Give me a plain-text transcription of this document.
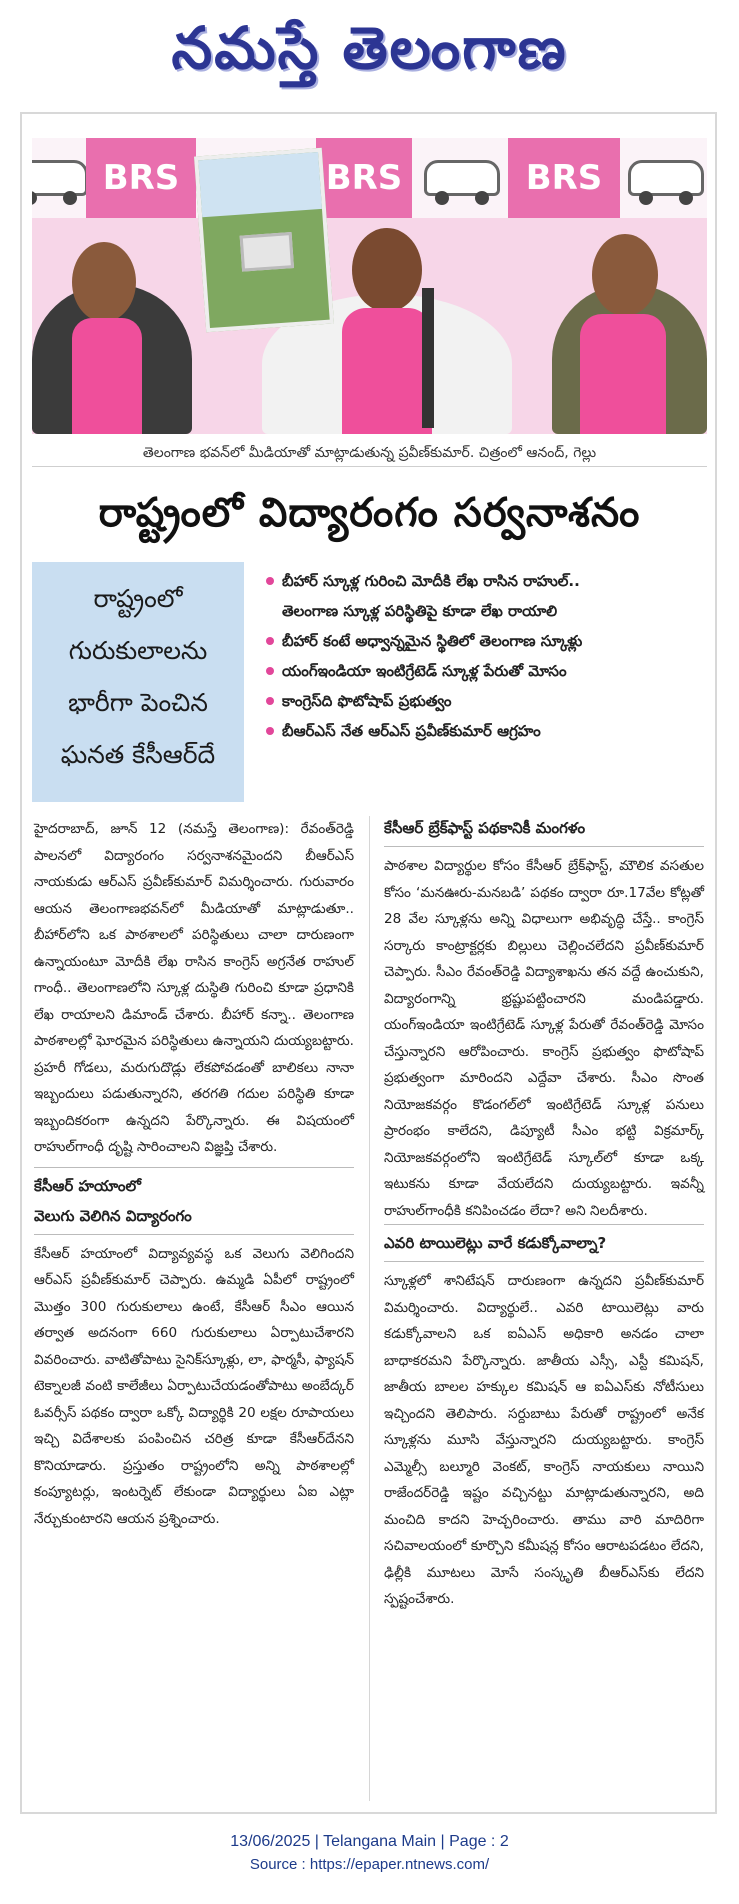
నమస్తే తెలంగాణ
BRS	BRS	BRS
తెలంగాణ భవన్‌లో మీడియాతో మాట్లాడుతున్న ప్రవీణ్‌కుమార్. చిత్రంలో ఆనంద్, గెల్లు
రాష్ట్రంలో విద్యారంగం సర్వనాశనం
రాష్ట్రంలో
గురుకులాలను
భారీగా పెంచిన
ఘనత కేసీఆర్‌దే
బీహార్ స్కూళ్ల గురించి మోదీకి లేఖ రాసిన రాహుల్..
తెలంగాణ స్కూళ్ల పరిస్థితిపై కూడా లేఖ రాయాలి
బీహార్ కంటే అధ్వాన్నమైన స్థితిలో తెలంగాణ స్కూళ్లు
యంగ్‌ఇండియా ఇంటిగ్రేటెడ్ స్కూళ్ల పేరుతో మోసం
కాంగ్రెస్‌ది ఫొటోషాప్ ప్రభుత్వం
బీఆర్‌ఎస్ నేత ఆర్‌ఎస్ ప్రవీణ్‌కుమార్ ఆగ్రహం

హైదరాబాద్, జూన్ 12 (నమస్తే తెలంగాణ): రేవంత్‌రెడ్డి పాలనలో విద్యారంగం సర్వనాశనమైందని బీఆర్‌ఎస్ నాయకుడు ఆర్‌ఎస్ ప్రవీణ్‌కుమార్ విమర్శించారు. గురువారం ఆయన తెలంగాణభవన్‌లో మీడియాతో మాట్లాడుతూ.. బీహార్‌లోని ఒక పాఠశాలలో పరిస్థితులు చాలా దారుణంగా ఉన్నాయంటూ మోదీకి లేఖ రాసిన కాంగ్రెస్ అగ్రనేత రాహుల్ గాంధీ.. తెలంగాణలోని స్కూళ్ల దుస్థితి గురించి కూడా ప్రధానికి లేఖ రాయాలని డిమాండ్ చేశారు. బీహార్ కన్నా.. తెలంగాణ పాఠశాలల్లో ఘోరమైన పరిస్థితులు ఉన్నాయని దుయ్యబట్టారు. ప్రహరీ గోడలు, మరుగుదొడ్లు లేకపోవడంతో బాలికలు నానా ఇబ్బందులు పడుతున్నారని, తరగతి గదుల పరిస్థితి కూడా ఇబ్బందికరంగా ఉన్నదని పేర్కొన్నారు. ఈ విషయంలో రాహుల్‌గాంధీ దృష్టి సారించాలని విజ్ఞప్తి చేశారు.

కేసీఆర్ హయాంలో
వెలుగు వెలిగిన విద్యారంగం

కేసీఆర్ హయాంలో విద్యావ్యవస్థ ఒక వెలుగు వెలిగిందని ఆర్‌ఎస్ ప్రవీణ్‌కుమార్ చెప్పారు. ఉమ్మడి ఏపీలో రాష్ట్రంలో మొత్తం 300 గురుకులాలు ఉంటే, కేసీఆర్ సీఎం ఆయిన తర్వాత అదనంగా 660 గురుకులాలు ఏర్పాటుచేశారని వివరించారు. వాటితోపాటు సైనిక్‌స్కూళ్లు, లా, ఫార్మసీ, ఫ్యాషన్ టెక్నాలజీ వంటి కాలేజీలు ఏర్పాటుచేయడంతోపాటు అంబేద్కర్ ఓవర్సీస్ పథకం ద్వారా ఒక్కో విద్యార్థికి 20 లక్షల రూపాయలు ఇచ్చి విదేశాలకు పంపించిన చరిత్ర కూడా కేసీఆర్‌దేనని కొనియాడారు. ప్రస్తుతం రాష్ట్రంలోని అన్ని పాఠశాలల్లో కంప్యూటర్లు, ఇంటర్నెట్ లేకుండా విద్యార్థులు ఏఐ ఎట్లా నేర్చుకుంటారని ఆయన ప్రశ్నించారు.

కేసీఆర్ బ్రేక్‌ఫాస్ట్ పథకానికీ మంగళం

పాఠశాల విద్యార్థుల కోసం కేసీఆర్ బ్రేక్‌ఫాస్ట్, మౌలిక వసతుల కోసం ‘మనఊరు-మనబడి’ పథకం ద్వారా రూ.17వేల కోట్లతో 28 వేల స్కూళ్లను అన్ని విధాలుగా అభివృద్ధి చేస్తే.. కాంగ్రెస్ సర్కారు కాంట్రాక్టర్లకు బిల్లులు చెల్లించలేదని ప్రవీణ్‌కుమార్ చెప్పారు. సీఎం రేవంత్‌రెడ్డి విద్యాశాఖను తన వద్దే ఉంచుకుని, విద్యారంగాన్ని భ్రష్టుపట్టించారని మండిపడ్డారు. యంగ్‌ఇండియా ఇంటిగ్రేటెడ్ స్కూళ్ల పేరుతో రేవంత్‌రెడ్డి మోసం చేస్తున్నారని ఆరోపించారు. కాంగ్రెస్ ప్రభుత్వం ఫొటోషాప్ ప్రభుత్వంగా మారిందని ఎద్దేవా చేశారు. సీఎం సొంత నియోజకవర్గం కొడంగల్‌లో ఇంటిగ్రేటెడ్ స్కూళ్ల పనులు ప్రారంభం కాలేదని, డిప్యూటీ సీఎం భట్టి విక్రమార్క్ నియోజకవర్గంలోని ఇంటిగ్రేటెడ్ స్కూల్‌లో కూడా ఒక్క ఇటుకను కూడా వేయలేదని దుయ్యబట్టారు. ఇవన్నీ రాహుల్‌గాంధీకి కనిపించడం లేదా? అని నిలదీశారు.

ఎవరి టాయిలెట్లు వారే కడుక్కోవాల్నా?

స్కూళ్లలో శానిటేషన్ దారుణంగా ఉన్నదని ప్రవీణ్‌కుమార్ విమర్శించారు. విద్యార్థులే.. ఎవరి టాయిలెట్లు వారు కడుక్కోవాలని ఒక ఐఏఎస్ అధికారి అనడం చాలా బాధాకరమని పేర్కొన్నారు. జాతీయ ఎస్సీ, ఎస్టీ కమిషన్, జాతీయ బాలల హక్కుల కమిషన్ ఆ ఐఏఎస్‌కు నోటీసులు ఇచ్చిందని తెలిపారు. సర్దుబాటు పేరుతో రాష్ట్రంలో అనేక స్కూళ్లను మూసి వేస్తున్నారని దుయ్యబట్టారు. కాంగ్రెస్ ఎమ్మెల్సీ బల్మూరి వెంకట్, కాంగ్రెస్ నాయకులు నాయిని రాజేందర్‌రెడ్డి ఇష్టం వచ్చినట్టు మాట్లాడుతున్నారని, అది మంచిది కాదని హెచ్చరించారు. తాము వారి మాదిరిగా సచివాలయంలో కూర్చొని కమీషన్ల కోసం ఆరాటపడటం లేదని, ఢిల్లీకి మూటలు మోసే సంస్కృతి బీఆర్‌ఎస్‌కు లేదని స్పష్టంచేశారు.

13/06/2025 | Telangana Main | Page : 2
Source : https://epaper.ntnews.com/
